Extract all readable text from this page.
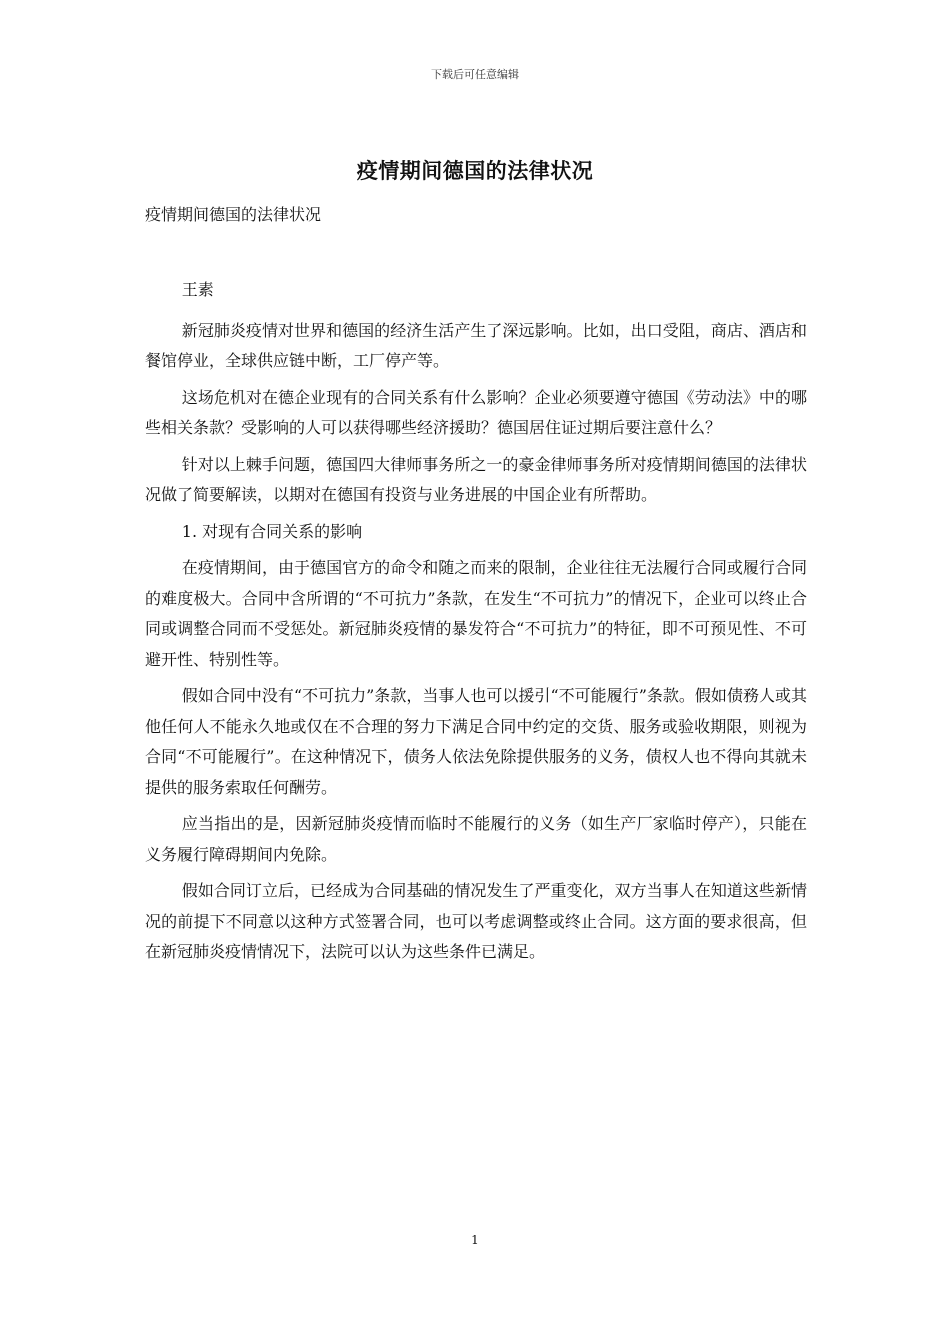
下载后可任意编辑
疫情期间德国的法律状况
疫情期间德国的法律状况

王素

新冠肺炎疫情对世界和德国的经济生活产生了深远影响。比如，出口受阻，商店、酒店和餐馆停业，全球供应链中断，工厂停产等。

这场危机对在德企业现有的合同关系有什么影响？企业必须要遵守德国《劳动法》中的哪些相关条款？受影响的人可以获得哪些经济援助？德国居住证过期后要注意什么？

针对以上棘手问题，德国四大律师事务所之一的豪金律师事务所对疫情期间德国的法律状况做了简要解读，以期对在德国有投资与业务进展的中国企业有所帮助。

1. 对现有合同关系的影响

在疫情期间，由于德国官方的命令和随之而来的限制，企业往往无法履行合同或履行合同的难度极大。合同中含所谓的“不可抗力”条款，在发生“不可抗力”的情况下，企业可以终止合同或调整合同而不受惩处。新冠肺炎疫情的暴发符合“不可抗力”的特征，即不可预见性、不可避开性、特别性等。

假如合同中没有“不可抗力”条款，当事人也可以援引“不可能履行”条款。假如债務人或其他任何人不能永久地或仅在不合理的努力下满足合同中约定的交货、服务或验收期限，则视为合同“不可能履行”。在这种情况下，债务人依法免除提供服务的义务，债权人也不得向其就未提供的服务索取任何酬劳。

应当指出的是，因新冠肺炎疫情而临时不能履行的义务（如生产厂家临时停产），只能在义务履行障碍期间内免除。

假如合同订立后，已经成为合同基础的情况发生了严重变化，双方当事人在知道这些新情况的前提下不同意以这种方式签署合同，也可以考虑调整或终止合同。这方面的要求很高，但在新冠肺炎疫情情况下，法院可以认为这些条件已满足。

1
